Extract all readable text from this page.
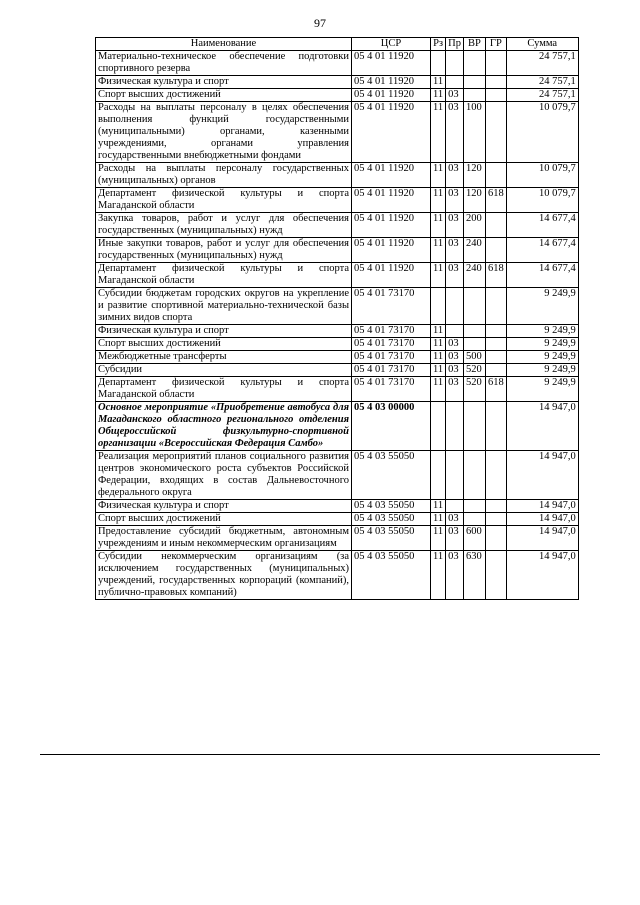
97
Наименование	ЦСР	Рз	Пр	ВР	ГР	Сумма
Материально-техническое обеспечение подготовки спортивного резерва	05 4 01 11920					24 757,1
Физическая культура и спорт	05 4 01 11920	11				24 757,1
Спорт высших достижений	05 4 01 11920	11	03			24 757,1
Расходы на выплаты персоналу в целях обеспечения выполнения функций государственными (муниципальными) органами, казенными учреждениями, органами управления государственными внебюджетными фондами	05 4 01 11920	11	03	100		10 079,7
Расходы на выплаты персоналу государственных (муниципальных) органов	05 4 01 11920	11	03	120		10 079,7
Департамент физической культуры и спорта Магаданской области	05 4 01 11920	11	03	120	618	10 079,7
Закупка товаров, работ и услуг для обеспечения государственных (муниципальных) нужд	05 4 01 11920	11	03	200		14 677,4
Иные закупки товаров, работ и услуг для обеспечения государственных (муниципальных) нужд	05 4 01 11920	11	03	240		14 677,4
Департамент физической культуры и спорта Магаданской области	05 4 01 11920	11	03	240	618	14 677,4
Субсидии бюджетам городских округов на укрепление и развитие спортивной материально-технической базы зимних видов спорта	05 4 01 73170					9 249,9
Физическая культура и спорт	05 4 01 73170	11				9 249,9
Спорт высших достижений	05 4 01 73170	11	03			9 249,9
Межбюджетные трансферты	05 4 01 73170	11	03	500		9 249,9
Субсидии	05 4 01 73170	11	03	520		9 249,9
Департамент физической культуры и спорта Магаданской области	05 4 01 73170	11	03	520	618	9 249,9
Основное мероприятие «Приобретение автобуса для Магаданского областного регионального отделения Общероссийской физкультурно-спортивной организации «Всероссийская Федерация Самбо»	05 4 03 00000					14 947,0
Реализация мероприятий планов социального развития центров экономического роста субъектов Российской Федерации, входящих в состав Дальневосточного федерального округа	05 4 03 55050					14 947,0
Физическая культура и спорт	05 4 03 55050	11				14 947,0
Спорт высших достижений	05 4 03 55050	11	03			14 947,0
Предоставление субсидий бюджетным, автономным учреждениям и иным некоммерческим организациям	05 4 03 55050	11	03	600		14 947,0
Субсидии некоммерческим организациям (за исключением государственных (муниципальных) учреждений, государственных корпораций (компаний), публично-правовых компаний)	05 4 03 55050	11	03	630		14 947,0
